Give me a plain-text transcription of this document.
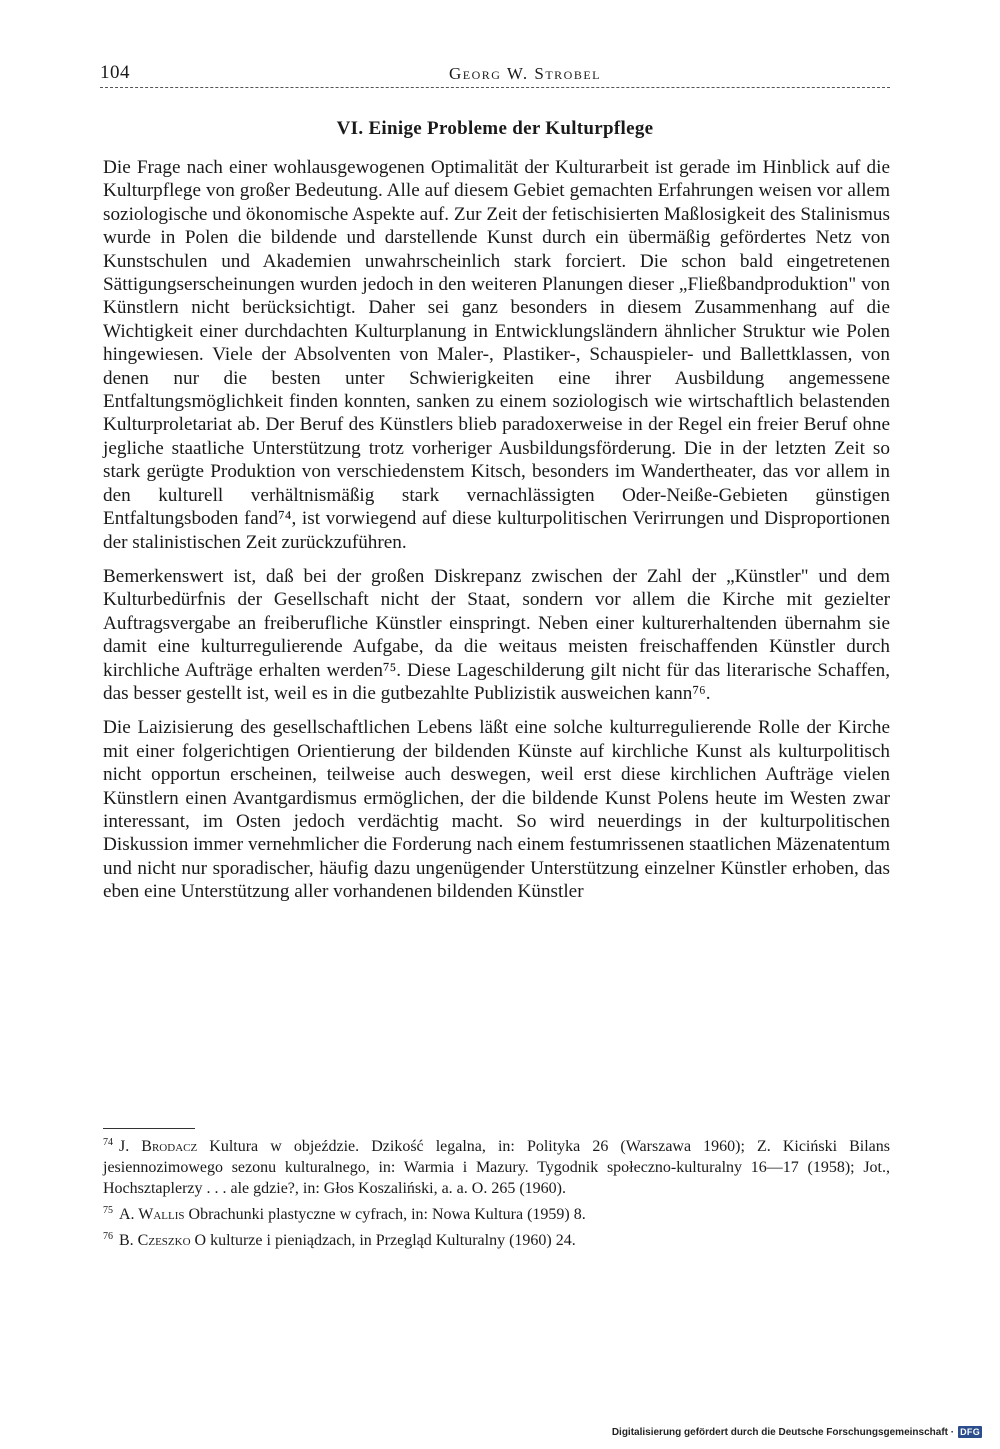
104	Georg W. Strobel
VI. Einige Probleme der Kulturpflege

Die Frage nach einer wohlausgewogenen Optimalität der Kulturarbeit ist gerade im Hinblick auf die Kulturpflege von großer Bedeutung. Alle auf diesem Gebiet gemachten Erfahrungen weisen vor allem soziologische und ökonomische Aspekte auf. Zur Zeit der fetischisierten Maßlosigkeit des Stalinismus wurde in Polen die bildende und darstellende Kunst durch ein übermäßig gefördertes Netz von Kunstschulen und Akademien unwahrscheinlich stark forciert. Die schon bald eingetretenen Sättigungserscheinungen wurden jedoch in den weiteren Planungen dieser „Fließbandproduktion" von Künstlern nicht berücksichtigt. Daher sei ganz besonders in diesem Zusammenhang auf die Wichtigkeit einer durchdachten Kulturplanung in Entwicklungsländern ähnlicher Struktur wie Polen hingewiesen. Viele der Absolventen von Maler-, Plastiker-, Schauspieler- und Ballettklassen, von denen nur die besten unter Schwierigkeiten eine ihrer Ausbildung angemessene Entfaltungsmöglichkeit finden konnten, sanken zu einem soziologisch wie wirtschaftlich belastenden Kulturproletariat ab. Der Beruf des Künstlers blieb paradoxerweise in der Regel ein freier Beruf ohne jegliche staatliche Unterstützung trotz vorheriger Ausbildungsförderung. Die in der letzten Zeit so stark gerügte Produktion von verschiedenstem Kitsch, besonders im Wandertheater, das vor allem in den kulturell verhältnismäßig stark vernachlässigten Oder-Neiße-Gebieten günstigen Entfaltungsboden fand⁷⁴, ist vorwiegend auf diese kulturpolitischen Verirrungen und Disproportionen der stalinistischen Zeit zurückzuführen.

Bemerkenswert ist, daß bei der großen Diskrepanz zwischen der Zahl der „Künstler" und dem Kulturbedürfnis der Gesellschaft nicht der Staat, sondern vor allem die Kirche mit gezielter Auftragsvergabe an freiberufliche Künstler einspringt. Neben einer kulturerhaltenden übernahm sie damit eine kulturregulierende Aufgabe, da die weitaus meisten freischaffenden Künstler durch kirchliche Aufträge erhalten werden⁷⁵. Diese Lageschilderung gilt nicht für das literarische Schaffen, das besser gestellt ist, weil es in die gutbezahlte Publizistik ausweichen kann⁷⁶.

Die Laizisierung des gesellschaftlichen Lebens läßt eine solche kulturregulierende Rolle der Kirche mit einer folgerichtigen Orientierung der bildenden Künste auf kirchliche Kunst als kulturpolitisch nicht opportun erscheinen, teilweise auch deswegen, weil erst diese kirchlichen Aufträge vielen Künstlern einen Avantgardismus ermöglichen, der die bildende Kunst Polens heute im Westen zwar interessant, im Osten jedoch verdächtig macht. So wird neuerdings in der kulturpolitischen Diskussion immer vernehmlicher die Forderung nach einem festumrissenen staatlichen Mäzenatentum und nicht nur sporadischer, häufig dazu ungenügender Unterstützung einzelner Künstler erhoben, das eben eine Unterstützung aller vorhandenen bildenden Künstler

$^{74}$ J. Brodacz Kultura w objeździe. Dzikość legalna, in: Polityka 26 (Warszawa 1960); Z. Kiciński Bilans jesiennozimowego sezonu kulturalnego, in: Warmia i Mazury. Tygodnik społeczno-kulturalny 16—17 (1958); Jot., Hochsztaplerzy . . . ale gdzie?, in: Głos Koszaliński, a. a. O. 265 (1960).

$^{75}$ A. Wallis Obrachunki plastyczne w cyfrach, in: Nowa Kultura (1959) 8.

$^{76}$ B. Czeszko O kulturze i pieniądzach, in Przegląd Kulturalny (1960) 24.

Digitalisierung gefördert durch die Deutsche Forschungsgemeinschaft · DFG
